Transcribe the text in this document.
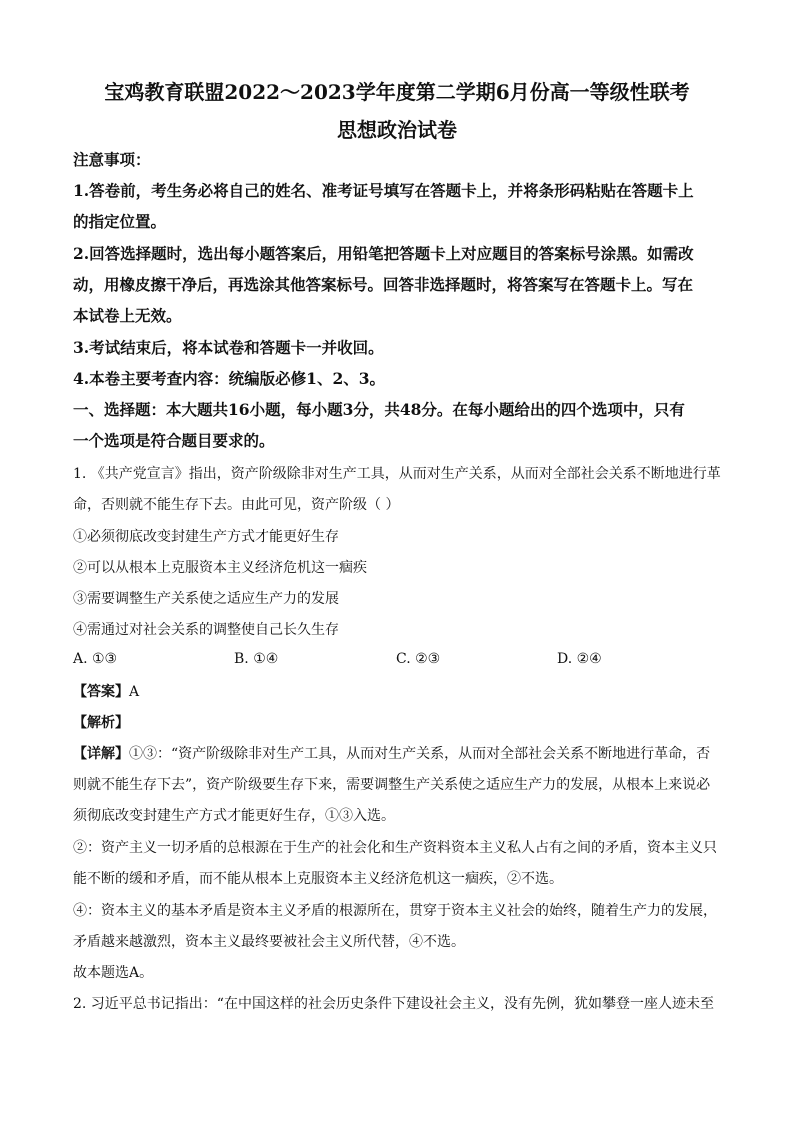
宝鸡教育联盟2022～2023学年度第二学期6月份高一等级性联考
思想政治试卷
注意事项：
1.答卷前，考生务必将自己的姓名、准考证号填写在答题卡上，并将条形码粘贴在答题卡上
的指定位置。
2.回答选择题时，选出每小题答案后，用铅笔把答题卡上对应题目的答案标号涂黑。如需改
动，用橡皮擦干净后，再选涂其他答案标号。回答非选择题时，将答案写在答题卡上。写在
本试卷上无效。
3.考试结束后，将本试卷和答题卡一并收回。
4.本卷主要考查内容：统编版必修1、2、3。
一、选择题：本大题共16小题，每小题3分，共48分。在每小题给出的四个选项中，只有
一个选项是符合题目要求的。
1. 《共产党宣言》指出，资产阶级除非对生产工具，从而对生产关系，从而对全部社会关系不断地进行革
命，否则就不能生存下去。由此可见，资产阶级（ ）
①必须彻底改变封建生产方式才能更好生存
②可以从根本上克服资本主义经济危机这一痼疾
③需要调整生产关系使之适应生产力的发展
④需通过对社会关系的调整使自己长久生存
A. ①③	B. ①④	C. ②③	D. ②④
【答案】A
【解析】
【详解】①③：“资产阶级除非对生产工具，从而对生产关系，从而对全部社会关系不断地进行革命，否
则就不能生存下去”，资产阶级要生存下来，需要调整生产关系使之适应生产力的发展，从根本上来说必
须彻底改变封建生产方式才能更好生存，①③入选。
②：资产主义一切矛盾的总根源在于生产的社会化和生产资料资本主义私人占有之间的矛盾，资本主义只
能不断的缓和矛盾，而不能从根本上克服资本主义经济危机这一痼疾，②不选。
④：资本主义的基本矛盾是资本主义矛盾的根源所在，贯穿于资本主义社会的始终，随着生产力的发展，
矛盾越来越激烈，资本主义最终要被社会主义所代替，④不选。
故本题选A。
2. 习近平总书记指出：“在中国这样的社会历史条件下建设社会主义，没有先例，犹如攀登一座人迹未至
